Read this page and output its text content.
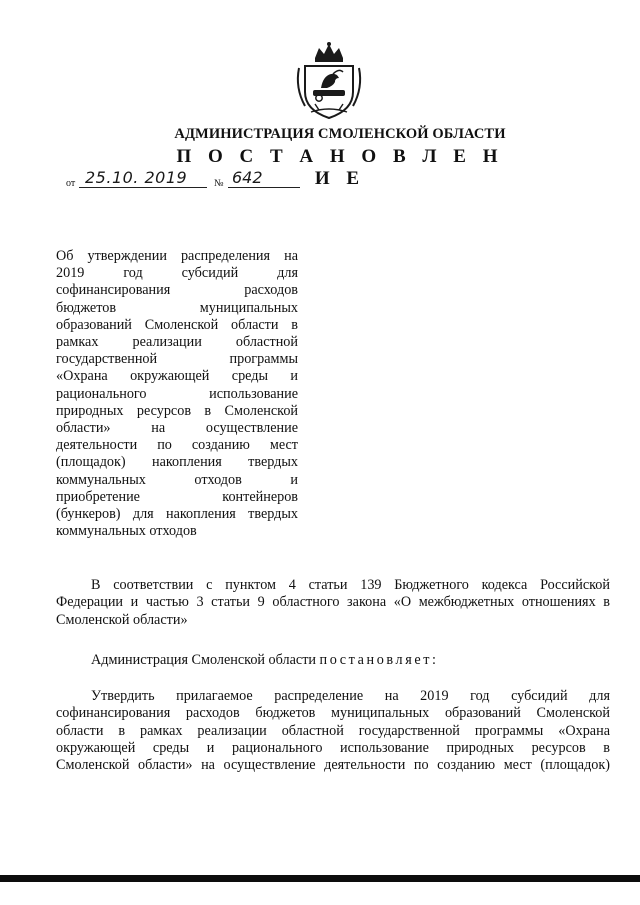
АДМИНИСТРАЦИЯ СМОЛЕНСКОЙ ОБЛАСТИ
П О С Т А Н О В Л Е Н И Е
от 25.10. 2019	№ 642
Об утверждении распределения на
2019 год субсидий для
софинансирования расходов
бюджетов муниципальных
образований Смоленской области в
рамках реализации областной
государственной программы
«Охрана окружающей среды и
рационального использование
природных ресурсов в Смоленской
области» на осуществление
деятельности по созданию мест
(площадок) накопления твердых
коммунальных отходов и
приобретение контейнеров
(бункеров) для накопления твердых
коммунальных отходов
В соответствии с пунктом 4 статьи 139 Бюджетного кодекса Российской
Федерации и частью 3 статьи 9 областного закона «О межбюджетных отношениях в
Смоленской области»
Администрация Смоленской области постановляет:
Утвердить прилагаемое распределение на 2019 год субсидий для
софинансирования расходов бюджетов муниципальных образований Смоленской
области в рамках реализации областной государственной программы «Охрана
окружающей среды и рационального использование природных ресурсов в
Смоленской области» на осуществление деятельности по созданию мест (площадок)
